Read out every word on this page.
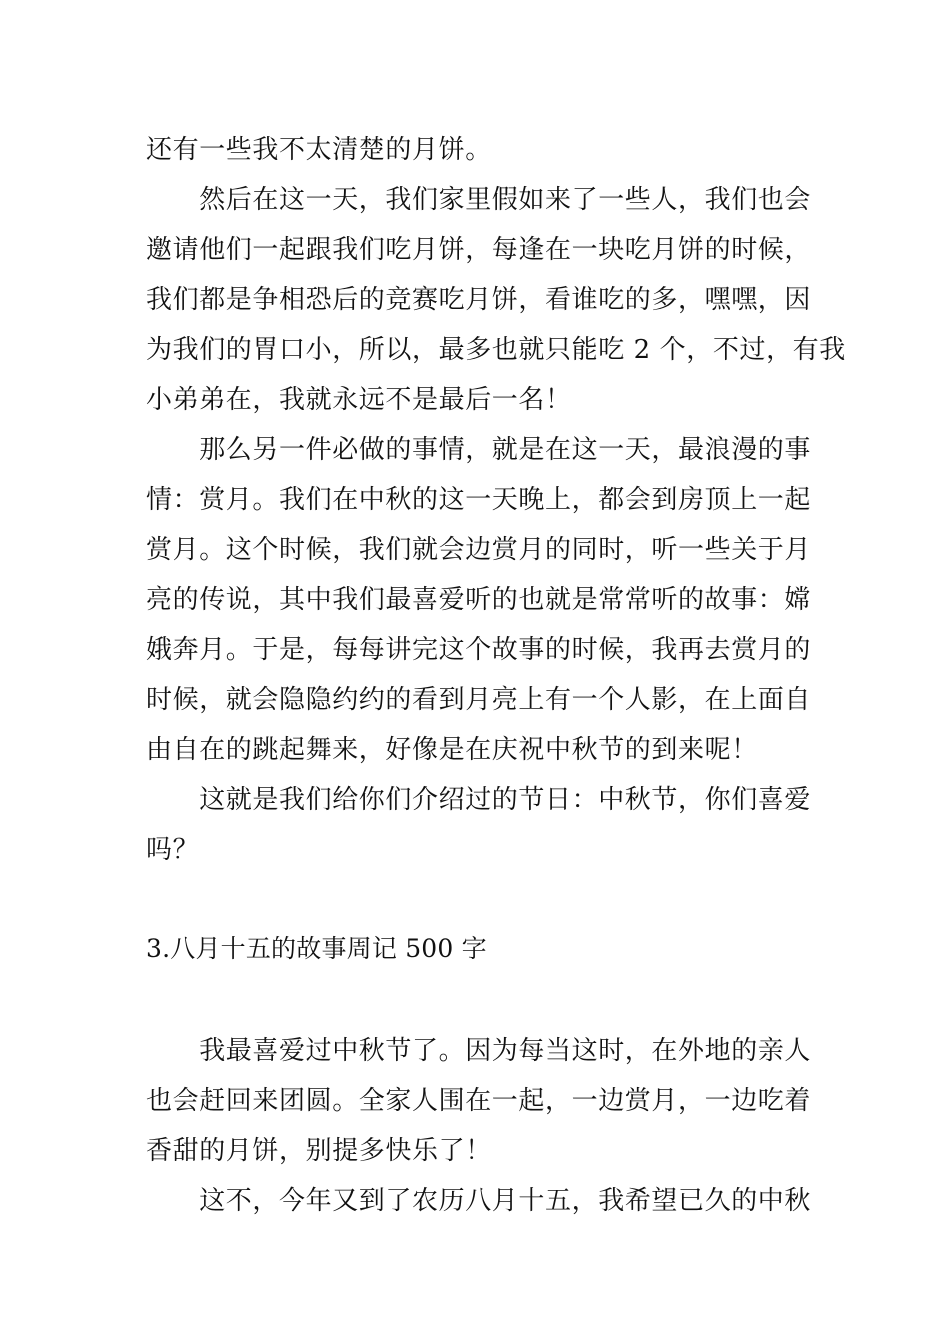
还有一些我不太清楚的月饼。
　　然后在这一天，我们家里假如来了一些人，我们也会
邀请他们一起跟我们吃月饼，每逢在一块吃月饼的时候，
我们都是争相恐后的竞赛吃月饼，看谁吃的多，嘿嘿，因
为我们的胃口小，所以，最多也就只能吃 2 个，不过，有我
小弟弟在，我就永远不是最后一名！
　　那么另一件必做的事情，就是在这一天，最浪漫的事
情：赏月。我们在中秋的这一天晚上，都会到房顶上一起
赏月。这个时候，我们就会边赏月的同时，听一些关于月
亮的传说，其中我们最喜爱听的也就是常常听的故事：嫦
娥奔月。于是，每每讲完这个故事的时候，我再去赏月的
时候，就会隐隐约约的看到月亮上有一个人影，在上面自
由自在的跳起舞来，好像是在庆祝中秋节的到来呢！
　　这就是我们给你们介绍过的节日：中秋节，你们喜爱
吗？
3.八月十五的故事周记 500 字
　　我最喜爱过中秋节了。因为每当这时，在外地的亲人
也会赶回来团圆。全家人围在一起，一边赏月，一边吃着
香甜的月饼，别提多快乐了！
　　这不，今年又到了农历八月十五，我希望已久的中秋
